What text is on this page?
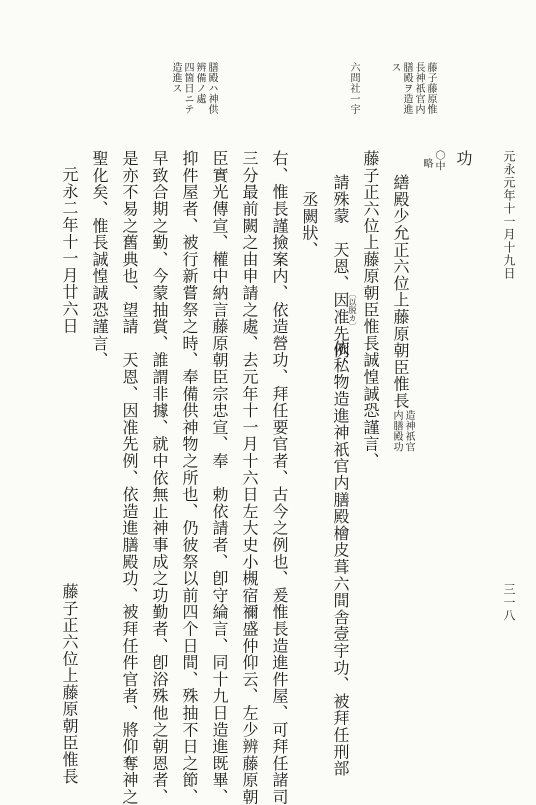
元永元年十一月十九日
三一八
功
〇中
略
繕殿少允正六位上藤原朝臣惟長
造神祇官
内膳殿功
藤子正六位上藤原朝臣惟長誠惶誠恐謹言、
請殊蒙　天恩、因准先例、
〔以脱カ〕
依私物造進神祇官内膳殿檜皮葺六間舎壹宇功、被拜任刑部
丞闕狀、
右、惟長謹撿案内、依造營功、拜任要官者、古今之例也、爰惟長造進件屋、可拜任諸司
三分最前闕之由申請之處、去元年十一月十六日左大史小槻宿禰盛仲仰云、左少辨藤原朝
臣實光傳宣、權中納言藤原朝臣宗忠宣、奉　勅依請者、卽守綸言、同十九日造進既畢、
抑件屋者、被行新嘗祭之時、奉備供神物之所也、仍彼祭以前四个日間、殊抽不日之節、
早致合期之勤、今蒙抽賞、誰謂非據、就中依無止神事成之功勤者、卽浴殊他之朝恩者、
是亦不易之舊典也、望請　天恩、因准先例、依造進膳殿功、被拜任件官者、將仰奪神之
聖化矣、惟長誠惶誠恐謹言、
元永二年十一月廿六日
藤子正六位上藤原朝臣惟長
藤子藤原惟
長神祇官内
膳殿ヲ造進
ス
六問社一宇
膳殿ハ神供
辨備ノ處
四箇日ニテ
造進ス
